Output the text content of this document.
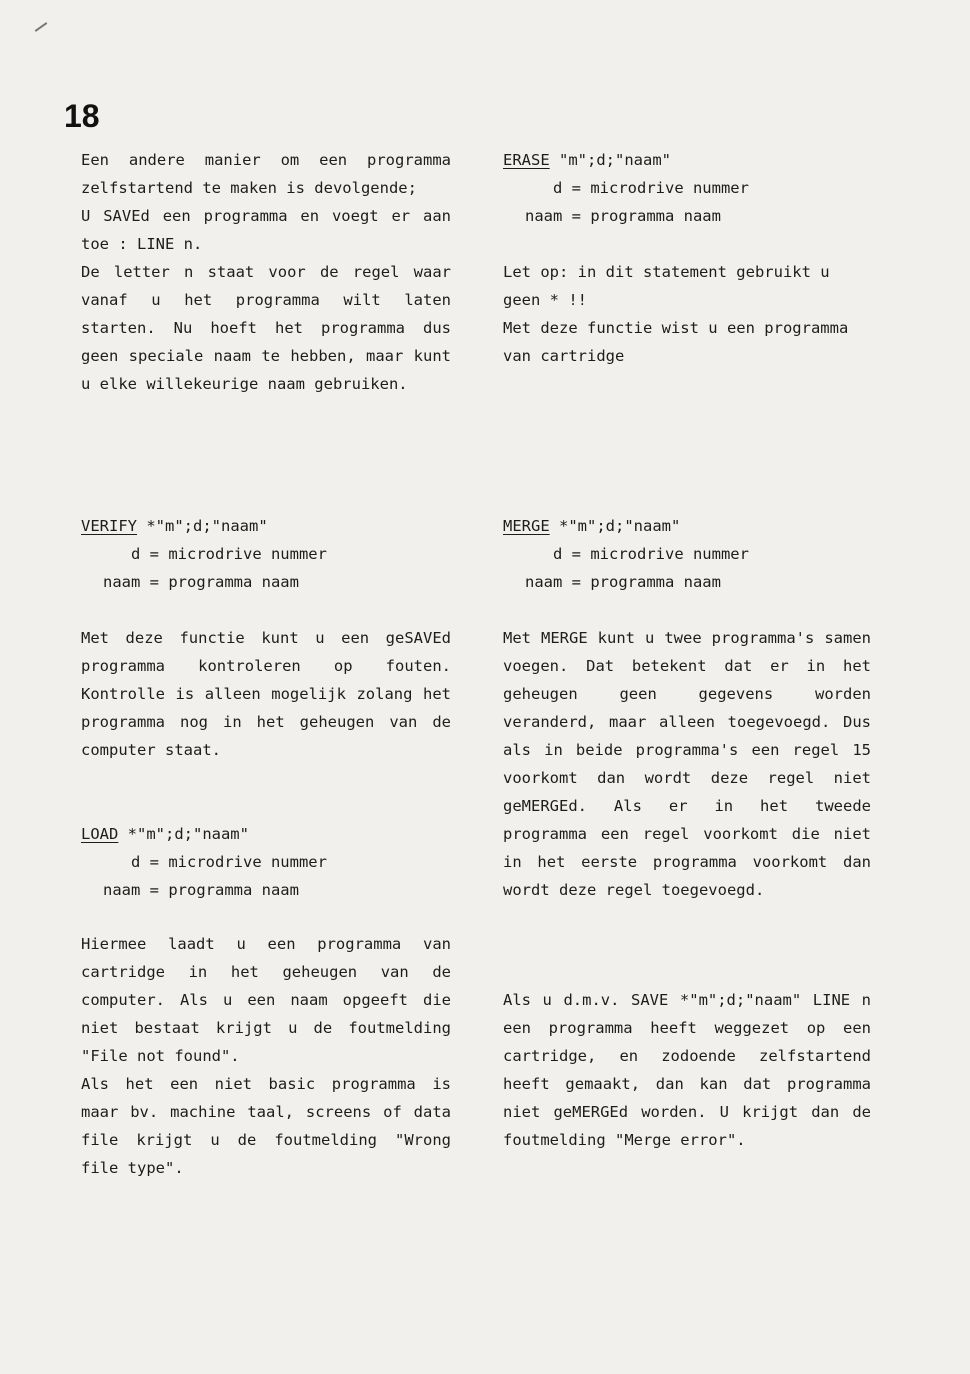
18

Een andere manier om een programma zelfstartend te maken is devolgende;

U SAVEd een programma en voegt er aan toe : LINE n.

De letter n staat voor de regel waar vanaf u het programma wilt laten starten. Nu hoeft het programma dus geen speciale naam te hebben, maar kunt u elke willekeurige naam gebruiken.

VERIFY *"m";d;"naam"

d = microdrive nummer

naam = programma naam

Met deze functie kunt u een geSAVEd programma kontroleren op fouten. Kontrolle is alleen mogelijk zolang het programma nog in het geheugen van de computer staat.

LOAD *"m";d;"naam"

d = microdrive nummer

naam = programma naam

Hiermee laadt u een programma van cartridge in het geheugen van de computer. Als u een naam opgeeft die niet bestaat krijgt u de foutmelding "File not found".

Als het een niet basic programma is maar bv. machine taal, screens of data file krijgt u de foutmelding "Wrong file type".

ERASE "m";d;"naam"

d = microdrive nummer

naam = programma naam

Let op: in dit statement gebruikt u geen * !!

Met deze functie wist u een programma van cartridge

MERGE *"m";d;"naam"

d = microdrive nummer

naam = programma naam

Met MERGE kunt u twee programma's samen voegen. Dat betekent dat er in het geheugen geen gegevens worden veranderd, maar alleen toegevoegd. Dus als in beide programma's een regel 15 voorkomt dan wordt deze regel niet geMERGEd. Als er in het tweede programma een regel voorkomt die niet in het eerste programma voorkomt dan wordt deze regel toegevoegd.

Als u d.m.v. SAVE *"m";d;"naam" LINE n een programma heeft weggezet op een cartridge, en zodoende zelfstartend heeft gemaakt, dan kan dat programma niet geMERGEd worden. U krijgt dan de foutmelding "Merge error".
